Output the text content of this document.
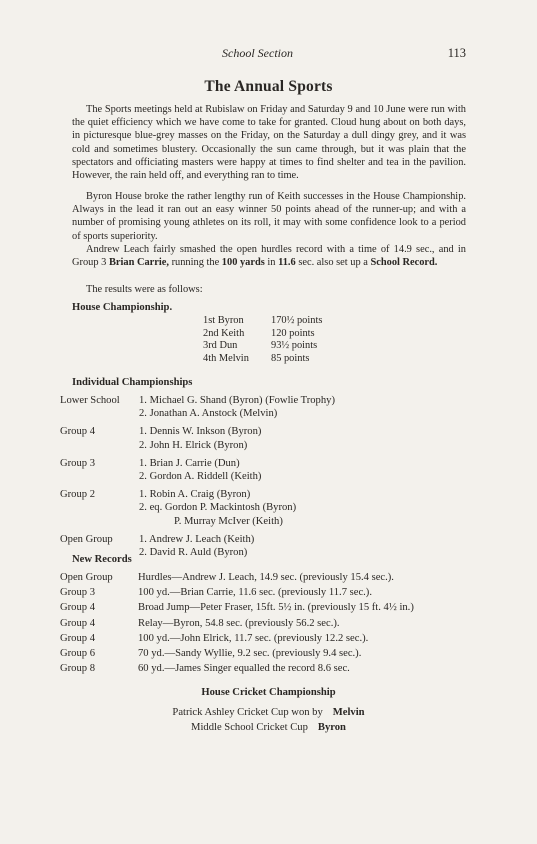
School Section	113
The Annual Sports

The Sports meetings held at Rubislaw on Friday and Saturday 9 and 10 June were run with the quiet efficiency which we have come to take for granted. Cloud hung about on both days, in picturesque blue-grey masses on the Friday, on the Saturday a dull dingy grey, and it was cold and sometimes blustery. Occasionally the sun came through, but it was plain that the spectators and officiating masters were happy at times to find shelter and tea in the pavilion. However, the rain held off, and everything ran to time.

Byron House broke the rather lengthy run of Keith successes in the House Championship. Always in the lead it ran out an easy winner 50 points ahead of the runner-up; and with a number of promising young athletes on its roll, it may with some confidence look to a period of sports superiority.

Andrew Leach fairly smashed the open hurdles record with a time of 14.9 sec., and in Group 3 Brian Carrie, running the 100 yards in 11.6 sec. also set up a School Record.

The results were as follows:

House Championship.
1st Byron	170½ points
2nd Keith	120 points
3rd Dun	93½ points
4th Melvin	85 points
Individual Championships
Lower School	1. Michael G. Shand (Byron) (Fowlie Trophy)
2. Jonathan A. Anstock (Melvin)
Group 4	1. Dennis W. Inkson (Byron)
2. John H. Elrick (Byron)
Group 3	1. Brian J. Carrie (Dun)
2. Gordon A. Riddell (Keith)
Group 2	1. Robin A. Craig (Byron)
2. eq. Gordon P. Mackintosh (Byron)
P. Murray McIver (Keith)
Open Group	1. Andrew J. Leach (Keith)
2. David R. Auld (Byron)
New Records
Open Group	Hurdles—Andrew J. Leach, 14.9 sec. (previously 15.4 sec.).
Group 3	100 yd.—Brian Carrie, 11.6 sec. (previously 11.7 sec.).
Group 4	Broad Jump—Peter Fraser, 15ft. 5½ in. (previously 15 ft. 4½ in.)
Group 4	Relay—Byron, 54.8 sec. (previously 56.2 sec.).
Group 4	100 yd.—John Elrick, 11.7 sec. (previously 12.2 sec.).
Group 6	70 yd.—Sandy Wyllie, 9.2 sec. (previously 9.4 sec.).
Group 8	60 yd.—James Singer equalled the record 8.6 sec.
House Cricket Championship
Patrick Ashley Cricket Cup won by Melvin
Middle School Cricket Cup Byron
